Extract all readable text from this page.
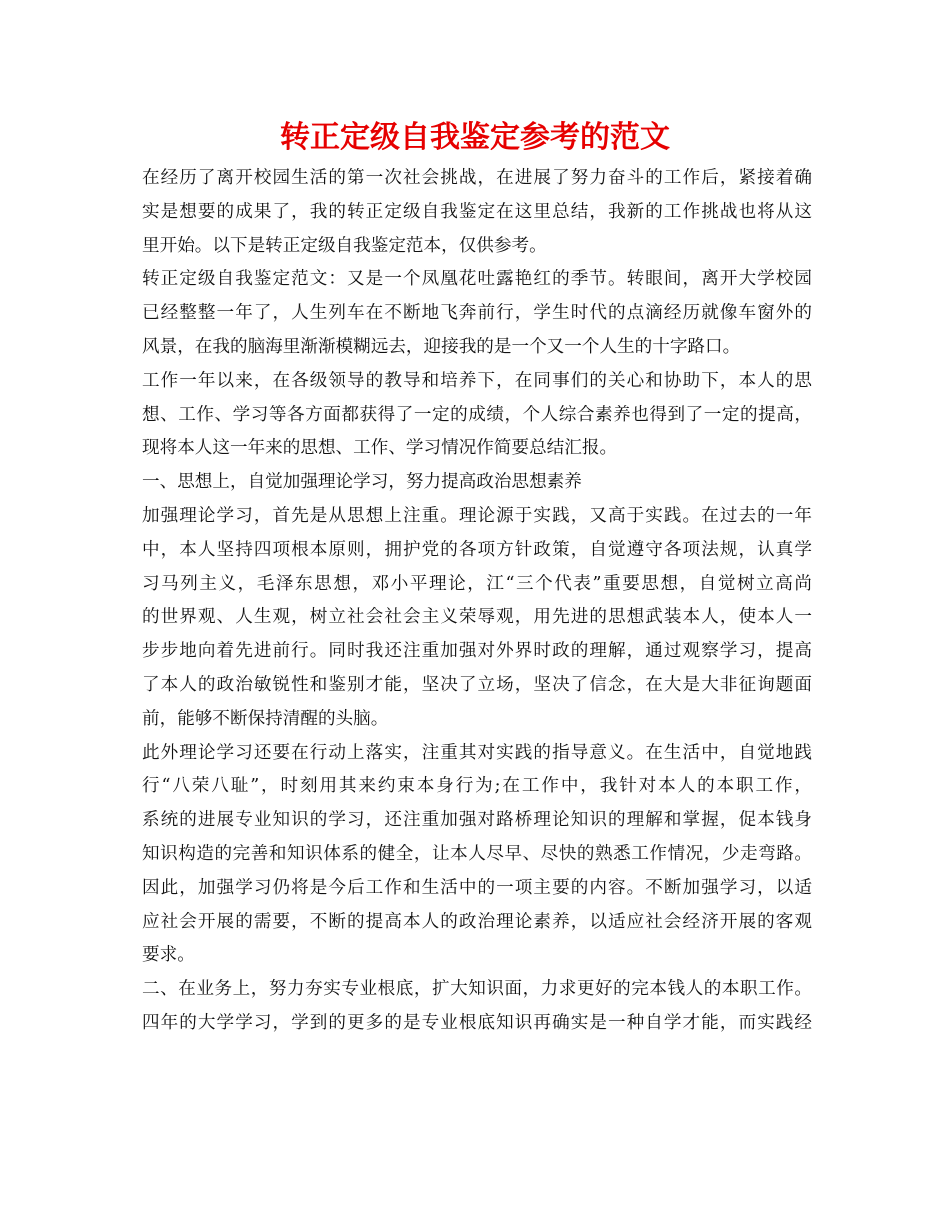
转正定级自我鉴定参考的范文
在经历了离开校园生活的第一次社会挑战，在进展了努力奋斗的工作后，紧接着确
实是想要的成果了，我的转正定级自我鉴定在这里总结，我新的工作挑战也将从这
里开始。以下是转正定级自我鉴定范本，仅供参考。
转正定级自我鉴定范文：又是一个凤凰花吐露艳红的季节。转眼间，离开大学校园
已经整整一年了，人生列车在不断地飞奔前行，学生时代的点滴经历就像车窗外的
风景，在我的脑海里渐渐模糊远去，迎接我的是一个又一个人生的十字路口。
工作一年以来，在各级领导的教导和培养下，在同事们的关心和协助下，本人的思
想、工作、学习等各方面都获得了一定的成绩，个人综合素养也得到了一定的提高，
现将本人这一年来的思想、工作、学习情况作简要总结汇报。
一、思想上，自觉加强理论学习，努力提高政治思想素养
加强理论学习，首先是从思想上注重。理论源于实践，又高于实践。在过去的一年
中，本人坚持四项根本原则，拥护党的各项方针政策，自觉遵守各项法规，认真学
习马列主义，毛泽东思想，邓小平理论，江“三个代表”重要思想，自觉树立高尚
的世界观、人生观，树立社会社会主义荣辱观，用先进的思想武装本人，使本人一
步步地向着先进前行。同时我还注重加强对外界时政的理解，通过观察学习，提高
了本人的政治敏锐性和鉴别才能，坚决了立场，坚决了信念，在大是大非征询题面
前，能够不断保持清醒的头脑。
此外理论学习还要在行动上落实，注重其对实践的指导意义。在生活中，自觉地践
行“八荣八耻”，时刻用其来约束本身行为;在工作中，我针对本人的本职工作，
系统的进展专业知识的学习，还注重加强对路桥理论知识的理解和掌握，促本钱身
知识构造的完善和知识体系的健全，让本人尽早、尽快的熟悉工作情况，少走弯路。
因此，加强学习仍将是今后工作和生活中的一项主要的内容。不断加强学习，以适
应社会开展的需要，不断的提高本人的政治理论素养，以适应社会经济开展的客观
要求。
二、在业务上，努力夯实专业根底，扩大知识面，力求更好的完本钱人的本职工作。
四年的大学学习，学到的更多的是专业根底知识再确实是一种自学才能，而实践经
